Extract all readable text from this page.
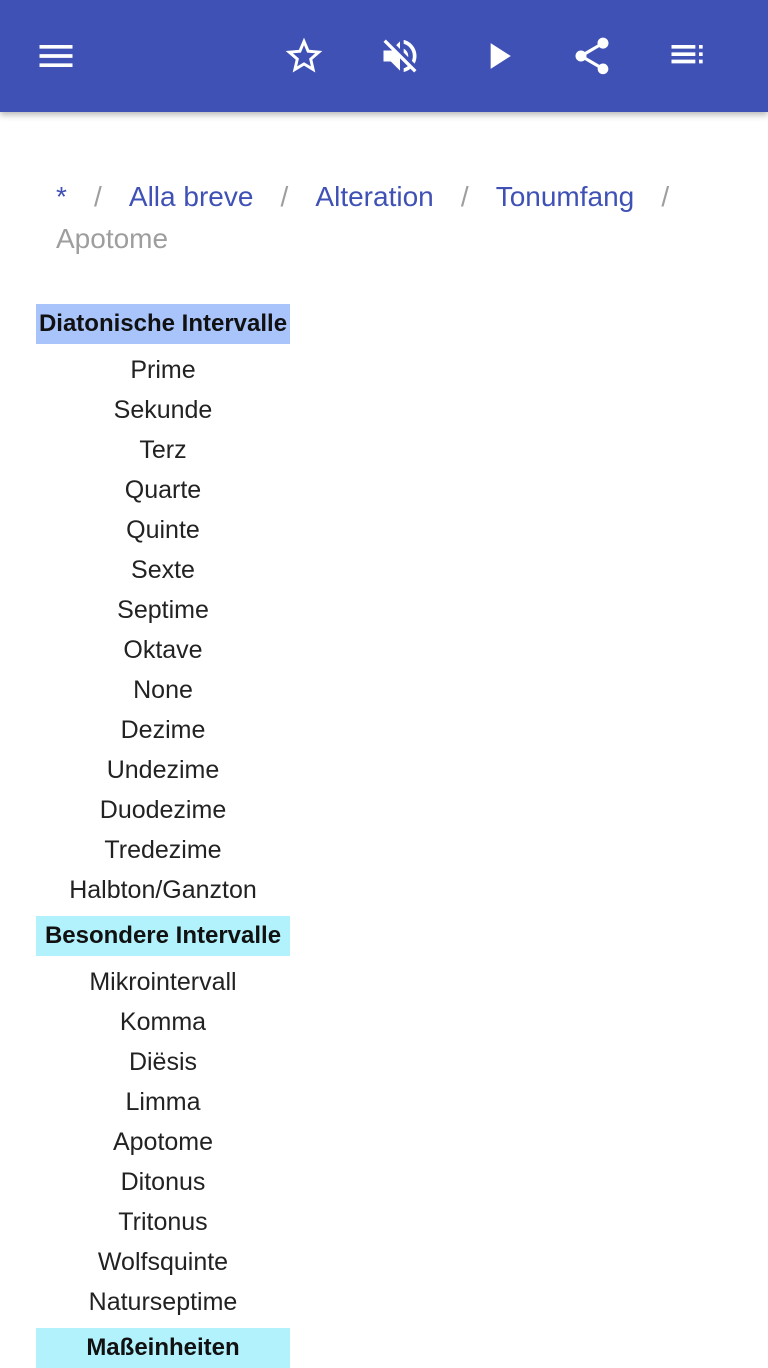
* / Alla breve / Alteration / Tonumfang /
Apotome
Diatonische Intervalle

Prime
Sekunde
Terz
Quarte
Quinte
Sexte
Septime
Oktave
None
Dezime
Undezime
Duodezime
Tredezime
Halbton/Ganzton

Besondere Intervalle

Mikrointervall
Komma
Diësis
Limma
Apotome
Ditonus
Tritonus
Wolfsquinte
Naturseptime

Maßeinheiten
